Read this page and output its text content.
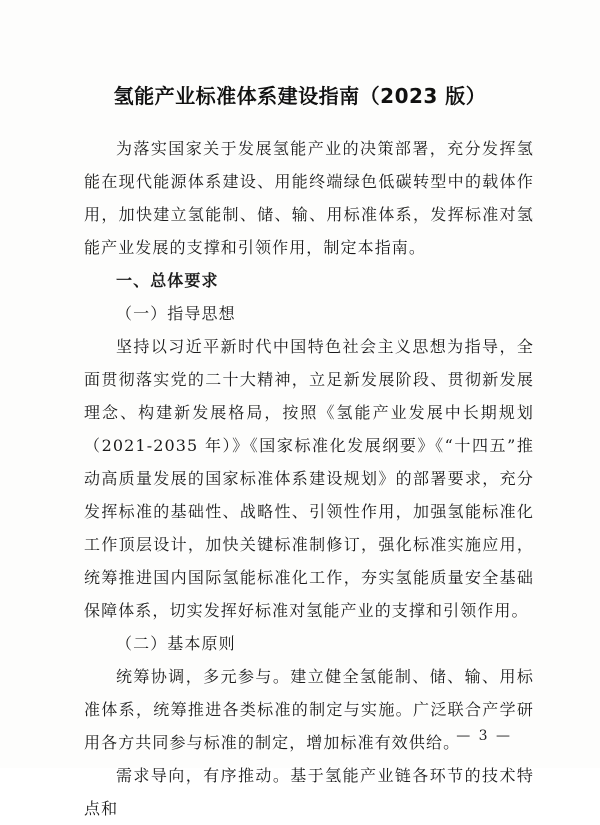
氢能产业标准体系建设指南（2023 版）

为落实国家关于发展氢能产业的决策部署，充分发挥氢能在现代能源体系建设、用能终端绿色低碳转型中的载体作用，加快建立氢能制、储、输、用标准体系，发挥标准对氢能产业发展的支撑和引领作用，制定本指南。

一、总体要求

（一）指导思想

坚持以习近平新时代中国特色社会主义思想为指导，全面贯彻落实党的二十大精神，立足新发展阶段、贯彻新发展理念、构建新发展格局，按照《氢能产业发展中长期规划（2021-2035 年）》《国家标准化发展纲要》《“十四五”推动高质量发展的国家标准体系建设规划》的部署要求，充分发挥标准的基础性、战略性、引领性作用，加强氢能标准化工作顶层设计，加快关键标准制修订，强化标准实施应用，统筹推进国内国际氢能标准化工作，夯实氢能质量安全基础保障体系，切实发挥好标准对氢能产业的支撑和引领作用。

（二）基本原则

统筹协调，多元参与。建立健全氢能制、储、输、用标准体系，统筹推进各类标准的制定与实施。广泛联合产学研用各方共同参与标准的制定，增加标准有效供给。

需求导向，有序推动。基于氢能产业链各环节的技术特点和

— 3 —
